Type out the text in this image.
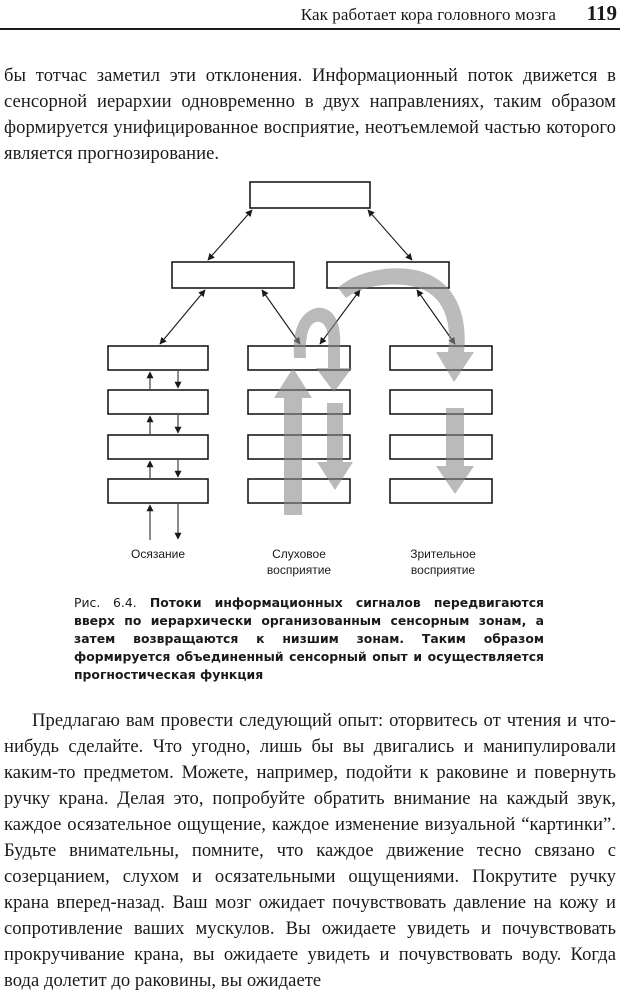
Как работает кора головного мозга 119
бы тотчас заметил эти отклонения. Информационный поток движется в сенсорной иерархии одновременно в двух направлениях, таким образом формируется унифицированное восприятие, неотъемлемой частью которого является прогнозирование.
Осязание	Слуховое
восприятие
Зрительное
восприятие
Рис. 6.4. Потоки информационных сигналов передвигаются вверх по иерархически организованным сенсорным зонам, а затем возвращаются к низшим зонам. Таким образом формируется объединенный сенсорный опыт и осуществляется прогностическая функция
Предлагаю вам провести следующий опыт: оторвитесь от чтения и что-нибудь сделайте. Что угодно, лишь бы вы двигались и манипулировали каким-то предметом. Можете, например, подойти к раковине и повернуть ручку крана. Делая это, попробуйте обратить внимание на каждый звук, каждое осязательное ощущение, каждое изменение визуальной “картинки”. Будьте внимательны, помните, что каждое движение тесно связано с созерцанием, слухом и осязательными ощущениями. Покрутите ручку крана вперед-назад. Ваш мозг ожидает почувствовать давление на кожу и сопротивление ваших мускулов. Вы ожидаете увидеть и почувствовать прокручивание крана, вы ожидаете увидеть и почувствовать воду. Когда вода долетит до раковины, вы ожидаете
